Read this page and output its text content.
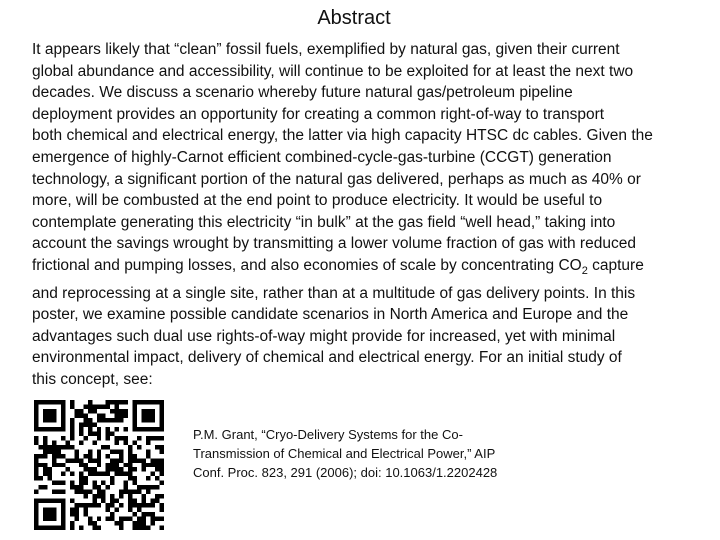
Abstract
It appears likely that “clean” fossil fuels, exemplified by natural gas, given their current
global abundance and accessibility, will continue to be exploited for at least the next two
decades. We discuss a scenario whereby future natural gas/petroleum pipeline
deployment provides an opportunity for creating a common right-of-way to transport
both chemical and electrical energy, the latter via high capacity HTSC dc cables. Given the
emergence of highly-Carnot efficient combined-cycle-gas-turbine (CCGT) generation
technology, a significant portion of the natural gas delivered, perhaps as much as 40% or
more, will be combusted at the end point to produce electricity. It would be useful to
contemplate generating this electricity “in bulk” at the gas field “well head,” taking into
account the savings wrought by transmitting a lower volume fraction of gas with reduced
frictional and pumping losses, and also economies of scale by concentrating $CO_2$ capture
and reprocessing at a single site, rather than at a multitude of gas delivery points. In this
poster, we examine possible candidate scenarios in North America and Europe and the
advantages such dual use rights-of-way might provide for increased, yet with minimal
environmental impact, delivery of chemical and electrical energy. For an initial study of
this concept, see:
P.M. Grant, “Cryo-Delivery Systems for the Co-
Transmission of Chemical and Electrical Power,” AIP
Conf. Proc. 823, 291 (2006); doi: 10.1063/1.2202428
